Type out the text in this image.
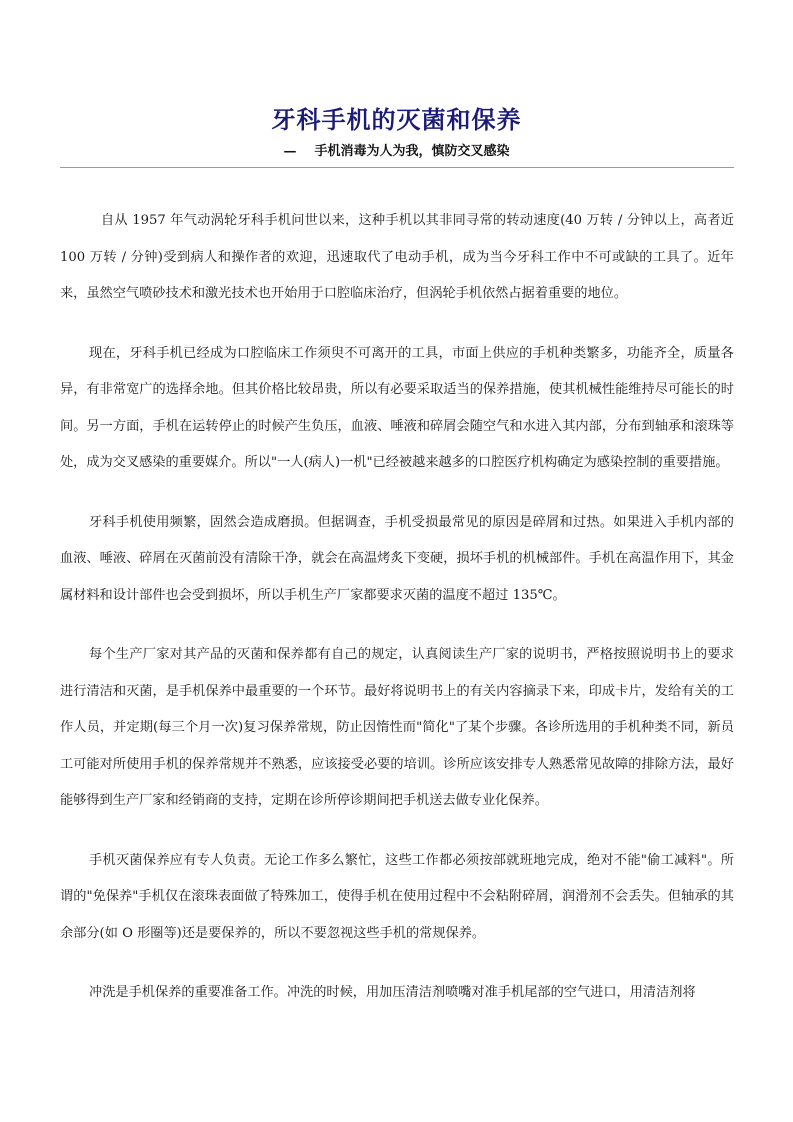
牙科手机的灭菌和保养

— 手机消毒为人为我，慎防交叉感染

自从 1957 年气动涡轮牙科手机问世以来，这种手机以其非同寻常的转动速度(40 万转 / 分钟以上，高者近 100 万转 / 分钟)受到病人和操作者的欢迎，迅速取代了电动手机，成为当今牙科工作中不可或缺的工具了。近年来，虽然空气喷砂技术和激光技术也开始用于口腔临床治疗，但涡轮手机依然占据着重要的地位。

现在，牙科手机已经成为口腔临床工作须臾不可离开的工具，市面上供应的手机种类繁多，功能齐全，质量各异，有非常宽广的选择余地。但其价格比较昂贵，所以有必要采取适当的保养措施，使其机械性能维持尽可能长的时间。另一方面，手机在运转停止的时候产生负压，血液、唾液和碎屑会随空气和水进入其内部，分布到轴承和滚珠等处，成为交叉感染的重要媒介。所以"一人(病人)一机"已经被越来越多的口腔医疗机构确定为感染控制的重要措施。

牙科手机使用频繁，固然会造成磨损。但据调查，手机受损最常见的原因是碎屑和过热。如果进入手机内部的血液、唾液、碎屑在灭菌前没有清除干净，就会在高温烤炙下变硬，损坏手机的机械部件。手机在高温作用下，其金属材料和设计部件也会受到损坏，所以手机生产厂家都要求灭菌的温度不超过 135℃。

每个生产厂家对其产品的灭菌和保养都有自己的规定，认真阅读生产厂家的说明书，严格按照说明书上的要求进行清洁和灭菌，是手机保养中最重要的一个环节。最好将说明书上的有关内容摘录下来，印成卡片，发给有关的工作人员，并定期(每三个月一次)复习保养常规，防止因惰性而"简化"了某个步骤。各诊所选用的手机种类不同，新员工可能对所使用手机的保养常规并不熟悉，应该接受必要的培训。诊所应该安排专人熟悉常见故障的排除方法，最好能够得到生产厂家和经销商的支持，定期在诊所停诊期间把手机送去做专业化保养。

手机灭菌保养应有专人负责。无论工作多么繁忙，这些工作都必须按部就班地完成，绝对不能"偷工减料"。所谓的"免保养"手机仅在滚珠表面做了特殊加工，使得手机在使用过程中不会粘附碎屑，润滑剂不会丢失。但轴承的其余部分(如 O 形圈等)还是要保养的，所以不要忽视这些手机的常规保养。

冲洗是手机保养的重要准备工作。冲洗的时候，用加压清洁剂喷嘴对准手机尾部的空气进口，用清洁剂将
